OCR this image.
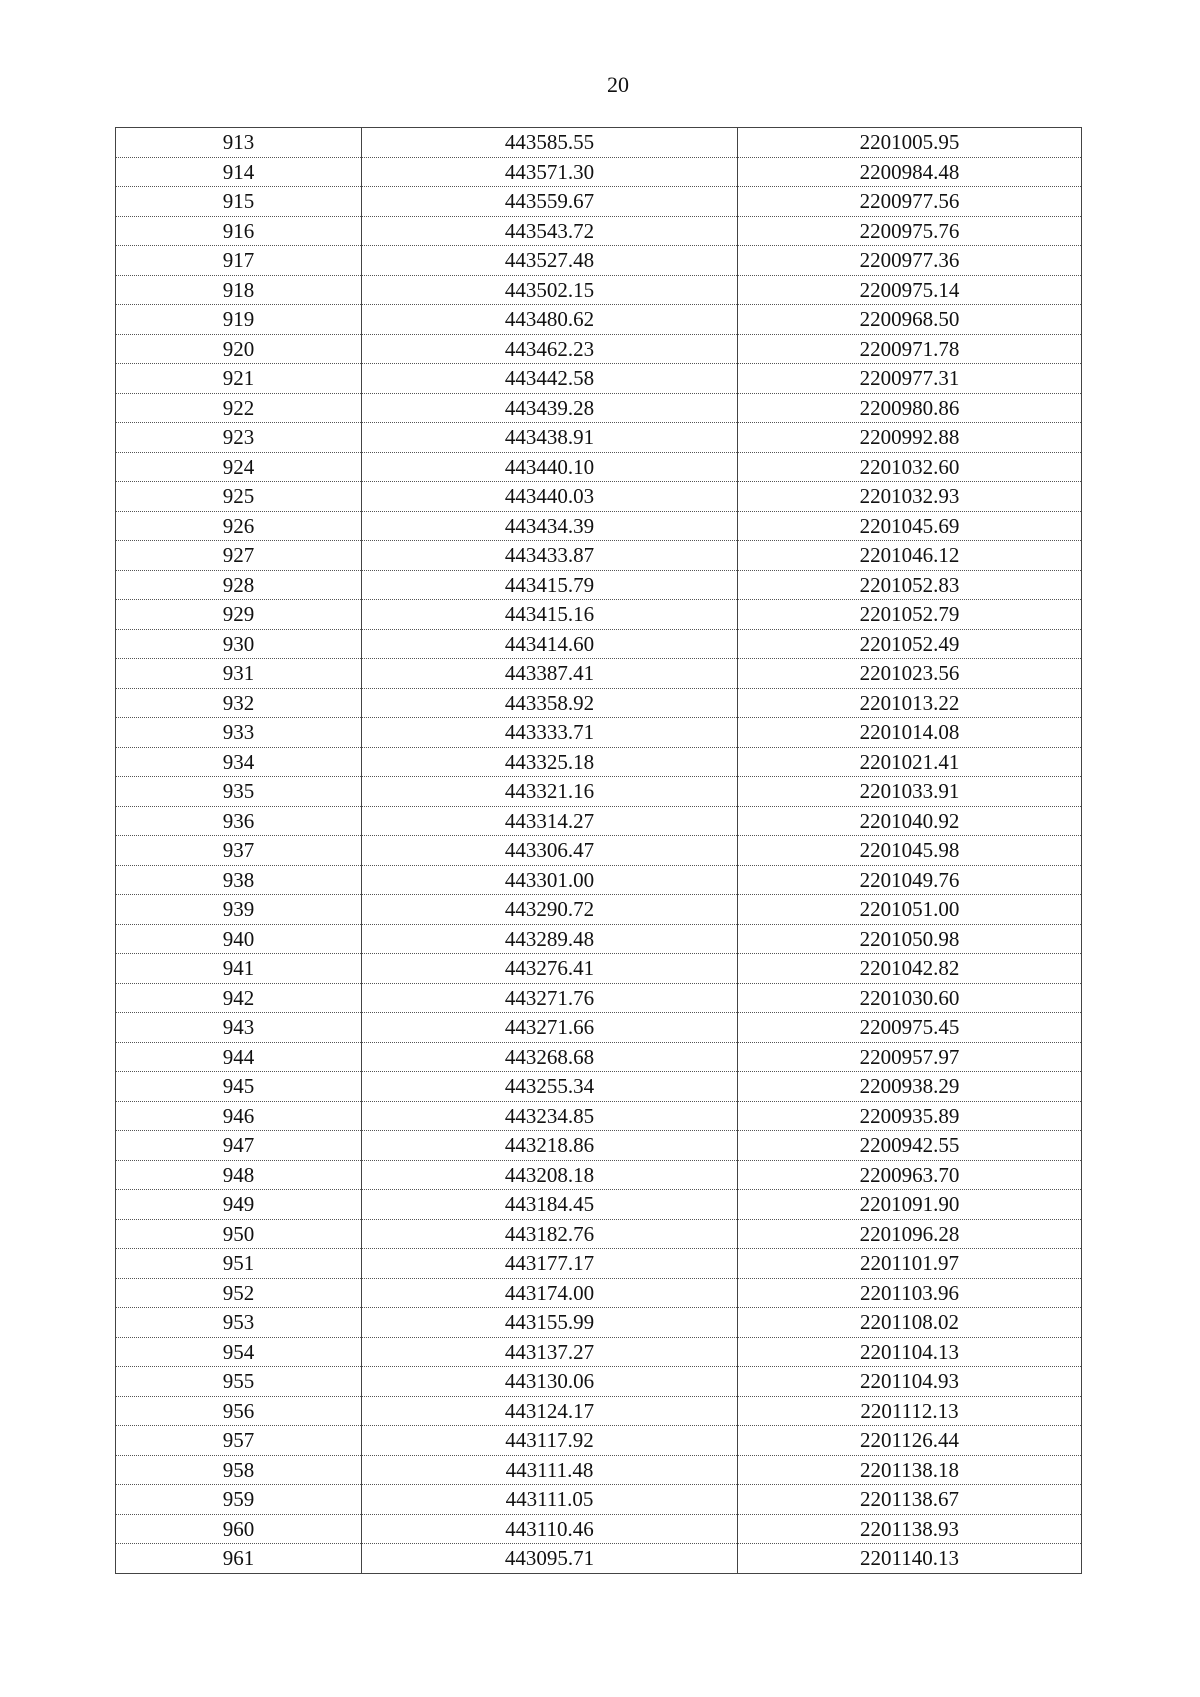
20
913	443585.55	2201005.95
914	443571.30	2200984.48
915	443559.67	2200977.56
916	443543.72	2200975.76
917	443527.48	2200977.36
918	443502.15	2200975.14
919	443480.62	2200968.50
920	443462.23	2200971.78
921	443442.58	2200977.31
922	443439.28	2200980.86
923	443438.91	2200992.88
924	443440.10	2201032.60
925	443440.03	2201032.93
926	443434.39	2201045.69
927	443433.87	2201046.12
928	443415.79	2201052.83
929	443415.16	2201052.79
930	443414.60	2201052.49
931	443387.41	2201023.56
932	443358.92	2201013.22
933	443333.71	2201014.08
934	443325.18	2201021.41
935	443321.16	2201033.91
936	443314.27	2201040.92
937	443306.47	2201045.98
938	443301.00	2201049.76
939	443290.72	2201051.00
940	443289.48	2201050.98
941	443276.41	2201042.82
942	443271.76	2201030.60
943	443271.66	2200975.45
944	443268.68	2200957.97
945	443255.34	2200938.29
946	443234.85	2200935.89
947	443218.86	2200942.55
948	443208.18	2200963.70
949	443184.45	2201091.90
950	443182.76	2201096.28
951	443177.17	2201101.97
952	443174.00	2201103.96
953	443155.99	2201108.02
954	443137.27	2201104.13
955	443130.06	2201104.93
956	443124.17	2201112.13
957	443117.92	2201126.44
958	443111.48	2201138.18
959	443111.05	2201138.67
960	443110.46	2201138.93
961	443095.71	2201140.13
